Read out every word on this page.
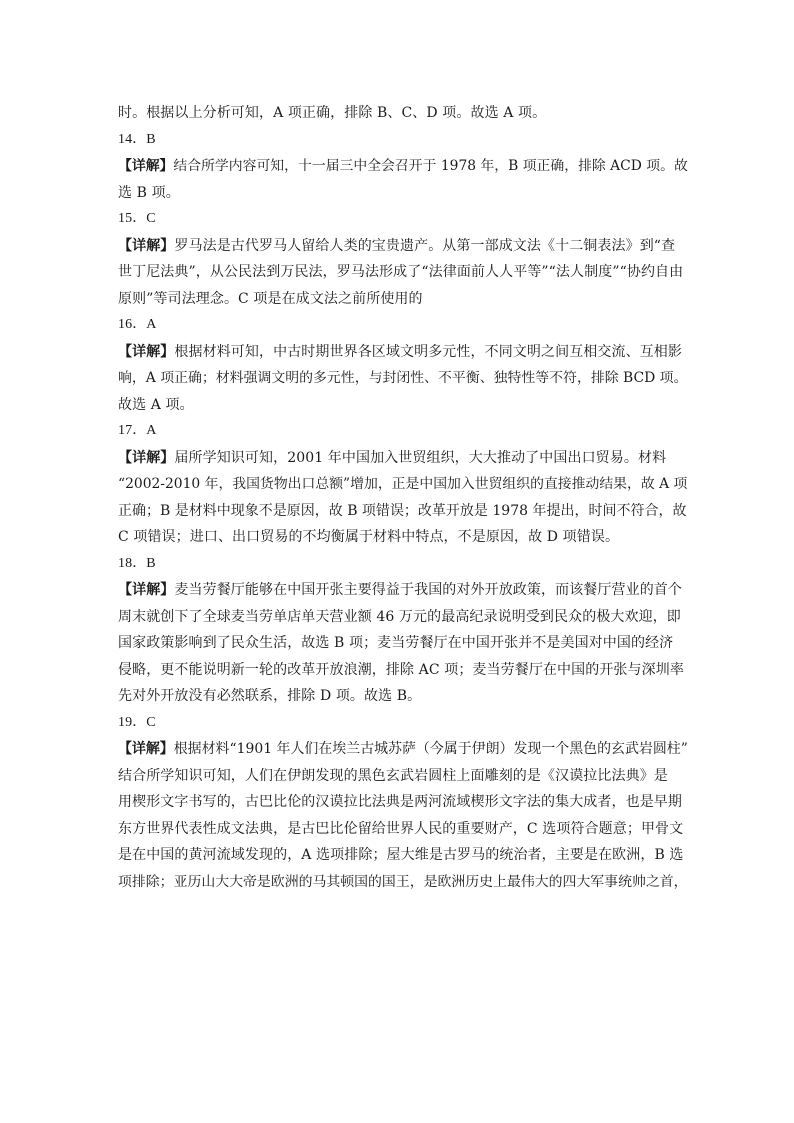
时。根据以上分析可知，A 项正确，排除 B、C、D 项。故选 A 项。
14．B
【详解】结合所学内容可知，十一届三中全会召开于 1978 年，B 项正确，排除 ACD 项。故
选 B 项。
15．C
【详解】罗马法是古代罗马人留给人类的宝贵遗产。从第一部成文法《十二铜表法》到“查
世丁尼法典”，从公民法到万民法，罗马法形成了“法律面前人人平等”“法人制度”“协约自由
原则”等司法理念。C 项是在成文法之前所使用的
16．A
【详解】根据材料可知，中古时期世界各区域文明多元性，不同文明之间互相交流、互相影
响，A 项正确；材料强调文明的多元性，与封闭性、不平衡、独特性等不符，排除 BCD 项。
故选 A 项。
17．A
【详解】届所学知识可知，2001 年中国加入世贸组织，大大推动了中国出口贸易。材料
“2002-2010 年，我国货物出口总额”增加，正是中国加入世贸组织的直接推动结果，故 A 项
正确；B 是材料中现象不是原因，故 B 项错误；改革开放是 1978 年提出，时间不符合，故
C 项错误；进口、出口贸易的不均衡属于材料中特点，不是原因，故 D 项错误。
18．B
【详解】麦当劳餐厅能够在中国开张主要得益于我国的对外开放政策，而该餐厅营业的首个
周末就创下了全球麦当劳单店单天营业额 46 万元的最高纪录说明受到民众的极大欢迎，即
国家政策影响到了民众生活，故选 B 项；麦当劳餐厅在中国开张并不是美国对中国的经济
侵略，更不能说明新一轮的改革开放浪潮，排除 AC 项；麦当劳餐厅在中国的开张与深圳率
先对外开放没有必然联系，排除 D 项。故选 B。
19．C
【详解】根据材料“1901 年人们在埃兰古城苏萨（今属于伊朗）发现一个黑色的玄武岩圆柱”
结合所学知识可知，人们在伊朗发现的黑色玄武岩圆柱上面雕刻的是《汉谟拉比法典》是
用楔形文字书写的，古巴比伦的汉谟拉比法典是两河流域楔形文字法的集大成者，也是早期
东方世界代表性成文法典，是古巴比伦留给世界人民的重要财产，C 选项符合题意；甲骨文
是在中国的黄河流域发现的，A 选项排除；屋大维是古罗马的统治者，主要是在欧洲，B 选
项排除；亚历山大大帝是欧洲的马其顿国的国王，是欧洲历史上最伟大的四大军事统帅之首，
